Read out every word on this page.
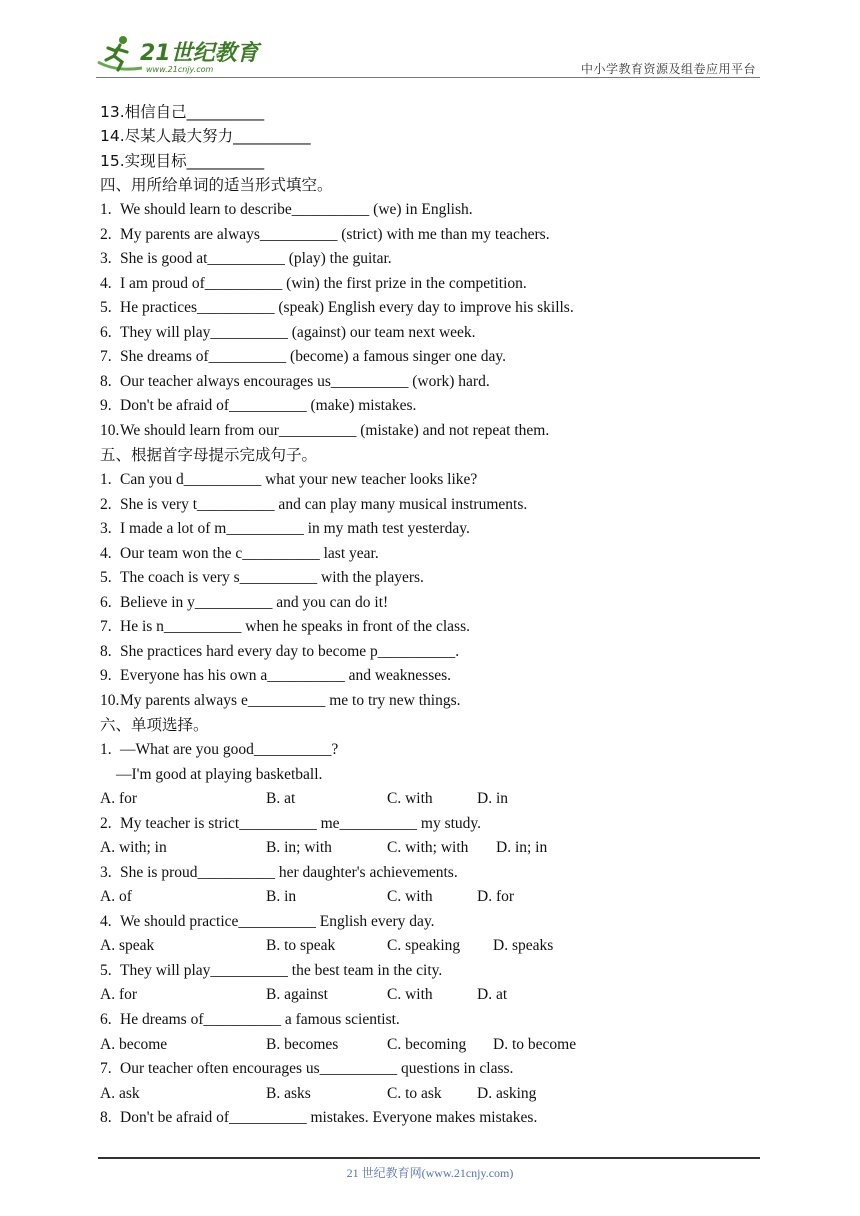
21世纪教育
www.21cnjy.com	中小学教育资源及组卷应用平台
13.相信自己__________
14.尽某人最大努力__________
15.实现目标__________
四、用所给单词的适当形式填空。
1. We should learn to describe__________ (we) in English.
2. My parents are always__________ (strict) with me than my teachers.
3. She is good at__________ (play) the guitar.
4. I am proud of__________ (win) the first prize in the competition.
5. He practices__________ (speak) English every day to improve his skills.
6. They will play__________ (against) our team next week.
7. She dreams of__________ (become) a famous singer one day.
8. Our teacher always encourages us__________ (work) hard.
9. Don't be afraid of__________ (make) mistakes.
10.We should learn from our__________ (mistake) and not repeat them.
五、根据首字母提示完成句子。
1. Can you d__________ what your new teacher looks like?
2. She is very t__________ and can play many musical instruments.
3. I made a lot of m__________ in my math test yesterday.
4. Our team won the c__________ last year.
5. The coach is very s__________ with the players.
6. Believe in y__________ and you can do it!
7. He is n__________ when he speaks in front of the class.
8. She practices hard every day to become p__________.
9. Everyone has his own a__________ and weaknesses.
10.My parents always e__________ me to try new things.
六、单项选择。
1. —What are you good__________?
—I'm good at playing basketball.
A. for	B. at	C. with	D. in
2. My teacher is strict__________ me__________ my study.
A. with; in	B. in; with	C. with; with D. in; in
3. She is proud__________ her daughter's achievements.
A. of	B. in	C. with	D. for
4. We should practice__________ English every day.
A. speak	B. to speak	C. speaking D. speaks
5. They will play__________ the best team in the city.
A. for	B. against	C. with	D. at
6. He dreams of__________ a famous scientist.
A. become	B. becomes	C. becoming D. to become
7. Our teacher often encourages us__________ questions in class.
A. ask	B. asks	C. to ask D. asking
8. Don't be afraid of__________ mistakes. Everyone makes mistakes.
21 世纪教育网(www.21cnjy.com)
